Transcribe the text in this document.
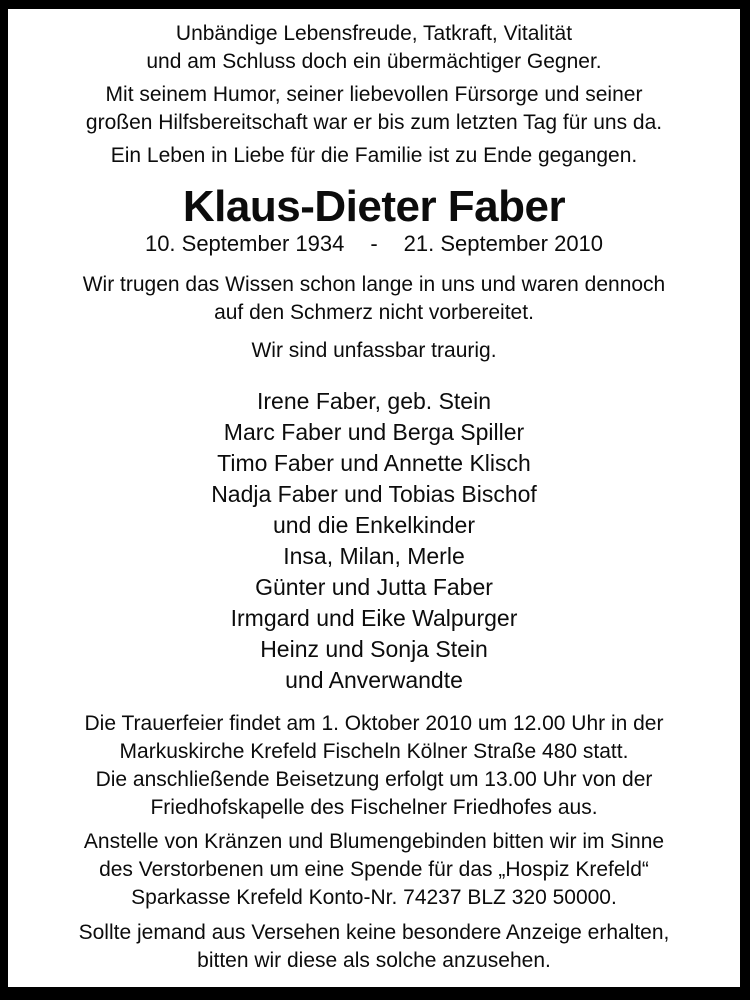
Unbändige Lebensfreude, Tatkraft, Vitalität
und am Schluss doch ein übermächtiger Gegner.
Mit seinem Humor, seiner liebevollen Fürsorge und seiner
großen Hilfsbereitschaft war er bis zum letzten Tag für uns da.
Ein Leben in Liebe für die Familie ist zu Ende gegangen.
Klaus-Dieter Faber
10. September 1934 - 21. September 2010
Wir trugen das Wissen schon lange in uns und waren dennoch
auf den Schmerz nicht vorbereitet.
Wir sind unfassbar traurig.
Irene Faber, geb. Stein
Marc Faber und Berga Spiller
Timo Faber und Annette Klisch
Nadja Faber und Tobias Bischof
und die Enkelkinder
Insa, Milan, Merle
Günter und Jutta Faber
Irmgard und Eike Walpurger
Heinz und Sonja Stein
und Anverwandte
Die Trauerfeier findet am 1. Oktober 2010 um 12.00 Uhr in der
Markuskirche Krefeld Fischeln Kölner Straße 480 statt.
Die anschließende Beisetzung erfolgt um 13.00 Uhr von der
Friedhofskapelle des Fischelner Friedhofes aus.
Anstelle von Kränzen und Blumengebinden bitten wir im Sinne
des Verstorbenen um eine Spende für das „Hospiz Krefeld“
Sparkasse Krefeld Konto-Nr. 74237 BLZ 320 50000.
Sollte jemand aus Versehen keine besondere Anzeige erhalten,
bitten wir diese als solche anzusehen.
